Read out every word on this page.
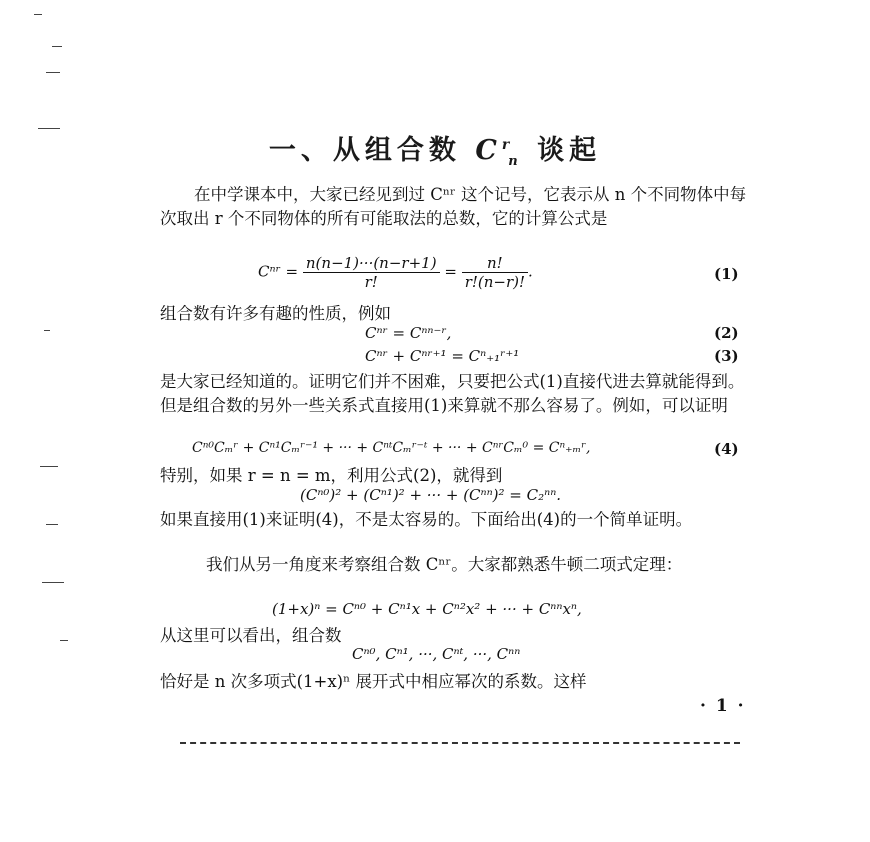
一、从组合数 $C^r_n$ 谈起
在中学课本中，大家已经见到过 Cⁿʳ 这个记号，它表示从 n 个不同物体中每次取出 r 个不同物体的所有可能取法的总数，它的计算公式是
Cⁿʳ = $\frac{n(n-1)\cdot\cdot\cdot(n-r+1)}{r!} = \frac{n!}{r!(n-r)!}$ .	(1)
组合数有许多有趣的性质，例如
Cⁿʳ = Cⁿⁿ⁻ʳ,	(2)
Cⁿʳ + Cⁿʳ⁺¹ = Cⁿ₊₁ʳ⁺¹	(3)
是大家已经知道的。证明它们并不困难，只要把公式(1)直接代进去算就能得到。但是组合数的另外一些关系式直接用(1)来算就不那么容易了。例如，可以证明
Cⁿ⁰Cₘʳ + Cⁿ¹Cₘʳ⁻¹ + ··· + CⁿᵗCₘʳ⁻ᵗ + ··· + CⁿʳCₘ⁰ = Cⁿ₊ₘʳ,	(4)
特别，如果 r = n = m，利用公式(2)，就得到
(Cⁿ⁰)² + (Cⁿ¹)² + ··· + (Cⁿⁿ)² = C₂ⁿⁿ.
如果直接用(1)来证明(4)，不是太容易的。下面给出(4)的一个简单证明。
我们从另一角度来考察组合数 Cⁿʳ。大家都熟悉牛顿二项式定理：
(1+x)ⁿ = Cⁿ⁰ + Cⁿ¹x + Cⁿ²x² + ··· + Cⁿⁿxⁿ,
从这里可以看出，组合数
Cⁿ⁰, Cⁿ¹, ···, Cⁿᵗ, ···, Cⁿⁿ
恰好是 n 次多项式(1+x)ⁿ 展开式中相应幂次的系数。这样
· 1 ·
